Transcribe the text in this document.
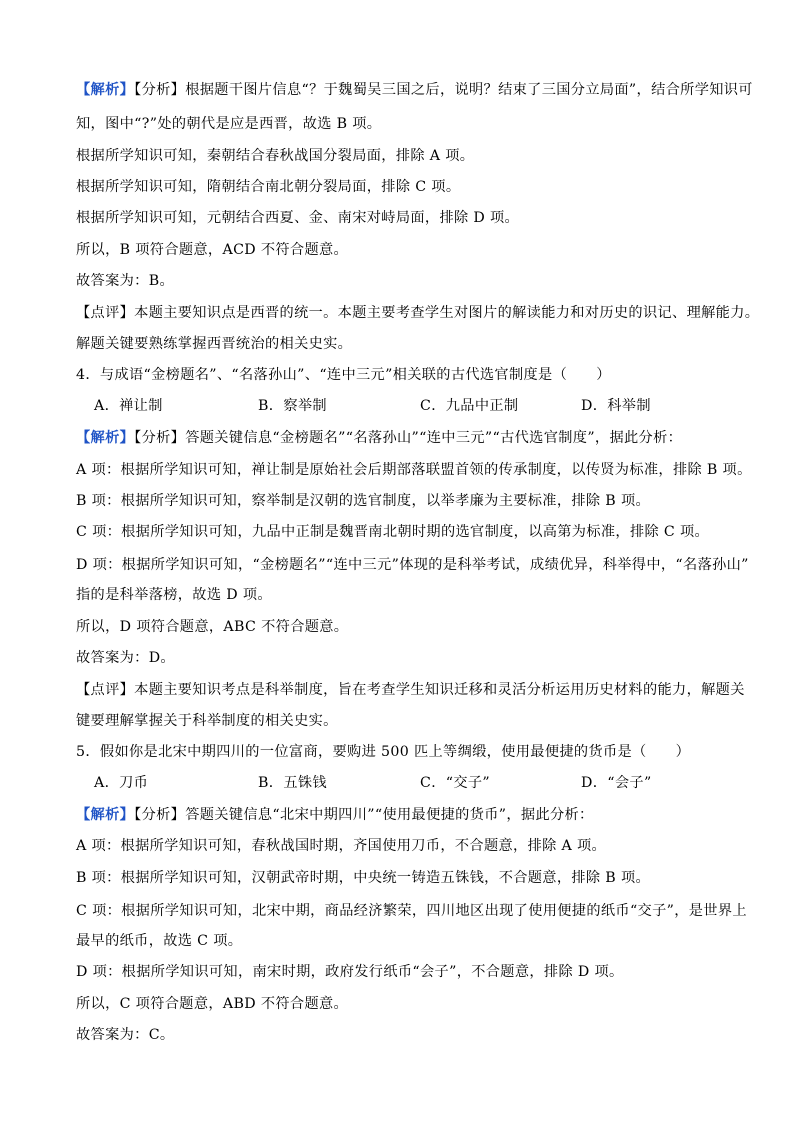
【解析】【分析】根据题干图片信息“？于魏蜀吴三国之后，说明？结束了三国分立局面”，结合所学知识可
知，图中“?”处的朝代是应是西晋，故选 B 项。
根据所学知识可知，秦朝结合春秋战国分裂局面，排除 A 项。
根据所学知识可知，隋朝结合南北朝分裂局面，排除 C 项。
根据所学知识可知，元朝结合西夏、金、南宋对峙局面，排除 D 项。
所以，B 项符合题意，ACD 不符合题意。
故答案为：B。
【点评】本题主要知识点是西晋的统一。本题主要考查学生对图片的解读能力和对历史的识记、理解能力。
解题关键要熟练掌握西晋统治的相关史实。
4．与成语“金榜题名”、“名落孙山”、“连中三元”相关联的古代选官制度是（　　）
A．禅让制	B．察举制	C．九品中正制	D．科举制
【解析】【分析】答题关键信息“金榜题名”“名落孙山”“连中三元”“古代选官制度”，据此分析：
A 项：根据所学知识可知，禅让制是原始社会后期部落联盟首领的传承制度，以传贤为标准，排除 B 项。
B 项：根据所学知识可知，察举制是汉朝的选官制度，以举孝廉为主要标准，排除 B 项。
C 项：根据所学知识可知，九品中正制是魏晋南北朝时期的选官制度，以高第为标准，排除 C 项。
D 项：根据所学知识可知，“金榜题名”“连中三元”体现的是科举考试，成绩优异，科举得中，“名落孙山”
指的是科举落榜，故选 D 项。
所以，D 项符合题意，ABC 不符合题意。
故答案为：D。
【点评】本题主要知识考点是科举制度，旨在考查学生知识迁移和灵活分析运用历史材料的能力，解题关
键要理解掌握关于科举制度的相关史实。
5．假如你是北宋中期四川的一位富商，要购进 500 匹上等绸缎，使用最便捷的货币是（　　）
A．刀币	B．五铢钱	C．“交子”	D．“会子”
【解析】【分析】答题关键信息“北宋中期四川”“使用最便捷的货币”，据此分析：
A 项：根据所学知识可知，春秋战国时期，齐国使用刀币，不合题意，排除 A 项。
B 项：根据所学知识可知，汉朝武帝时期，中央统一铸造五铢钱，不合题意，排除 B 项。
C 项：根据所学知识可知，北宋中期，商品经济繁荣，四川地区出现了使用便捷的纸币“交子”，是世界上
最早的纸币，故选 C 项。
D 项：根据所学知识可知，南宋时期，政府发行纸币“会子”，不合题意，排除 D 项。
所以，C 项符合题意，ABD 不符合题意。
故答案为：C。
